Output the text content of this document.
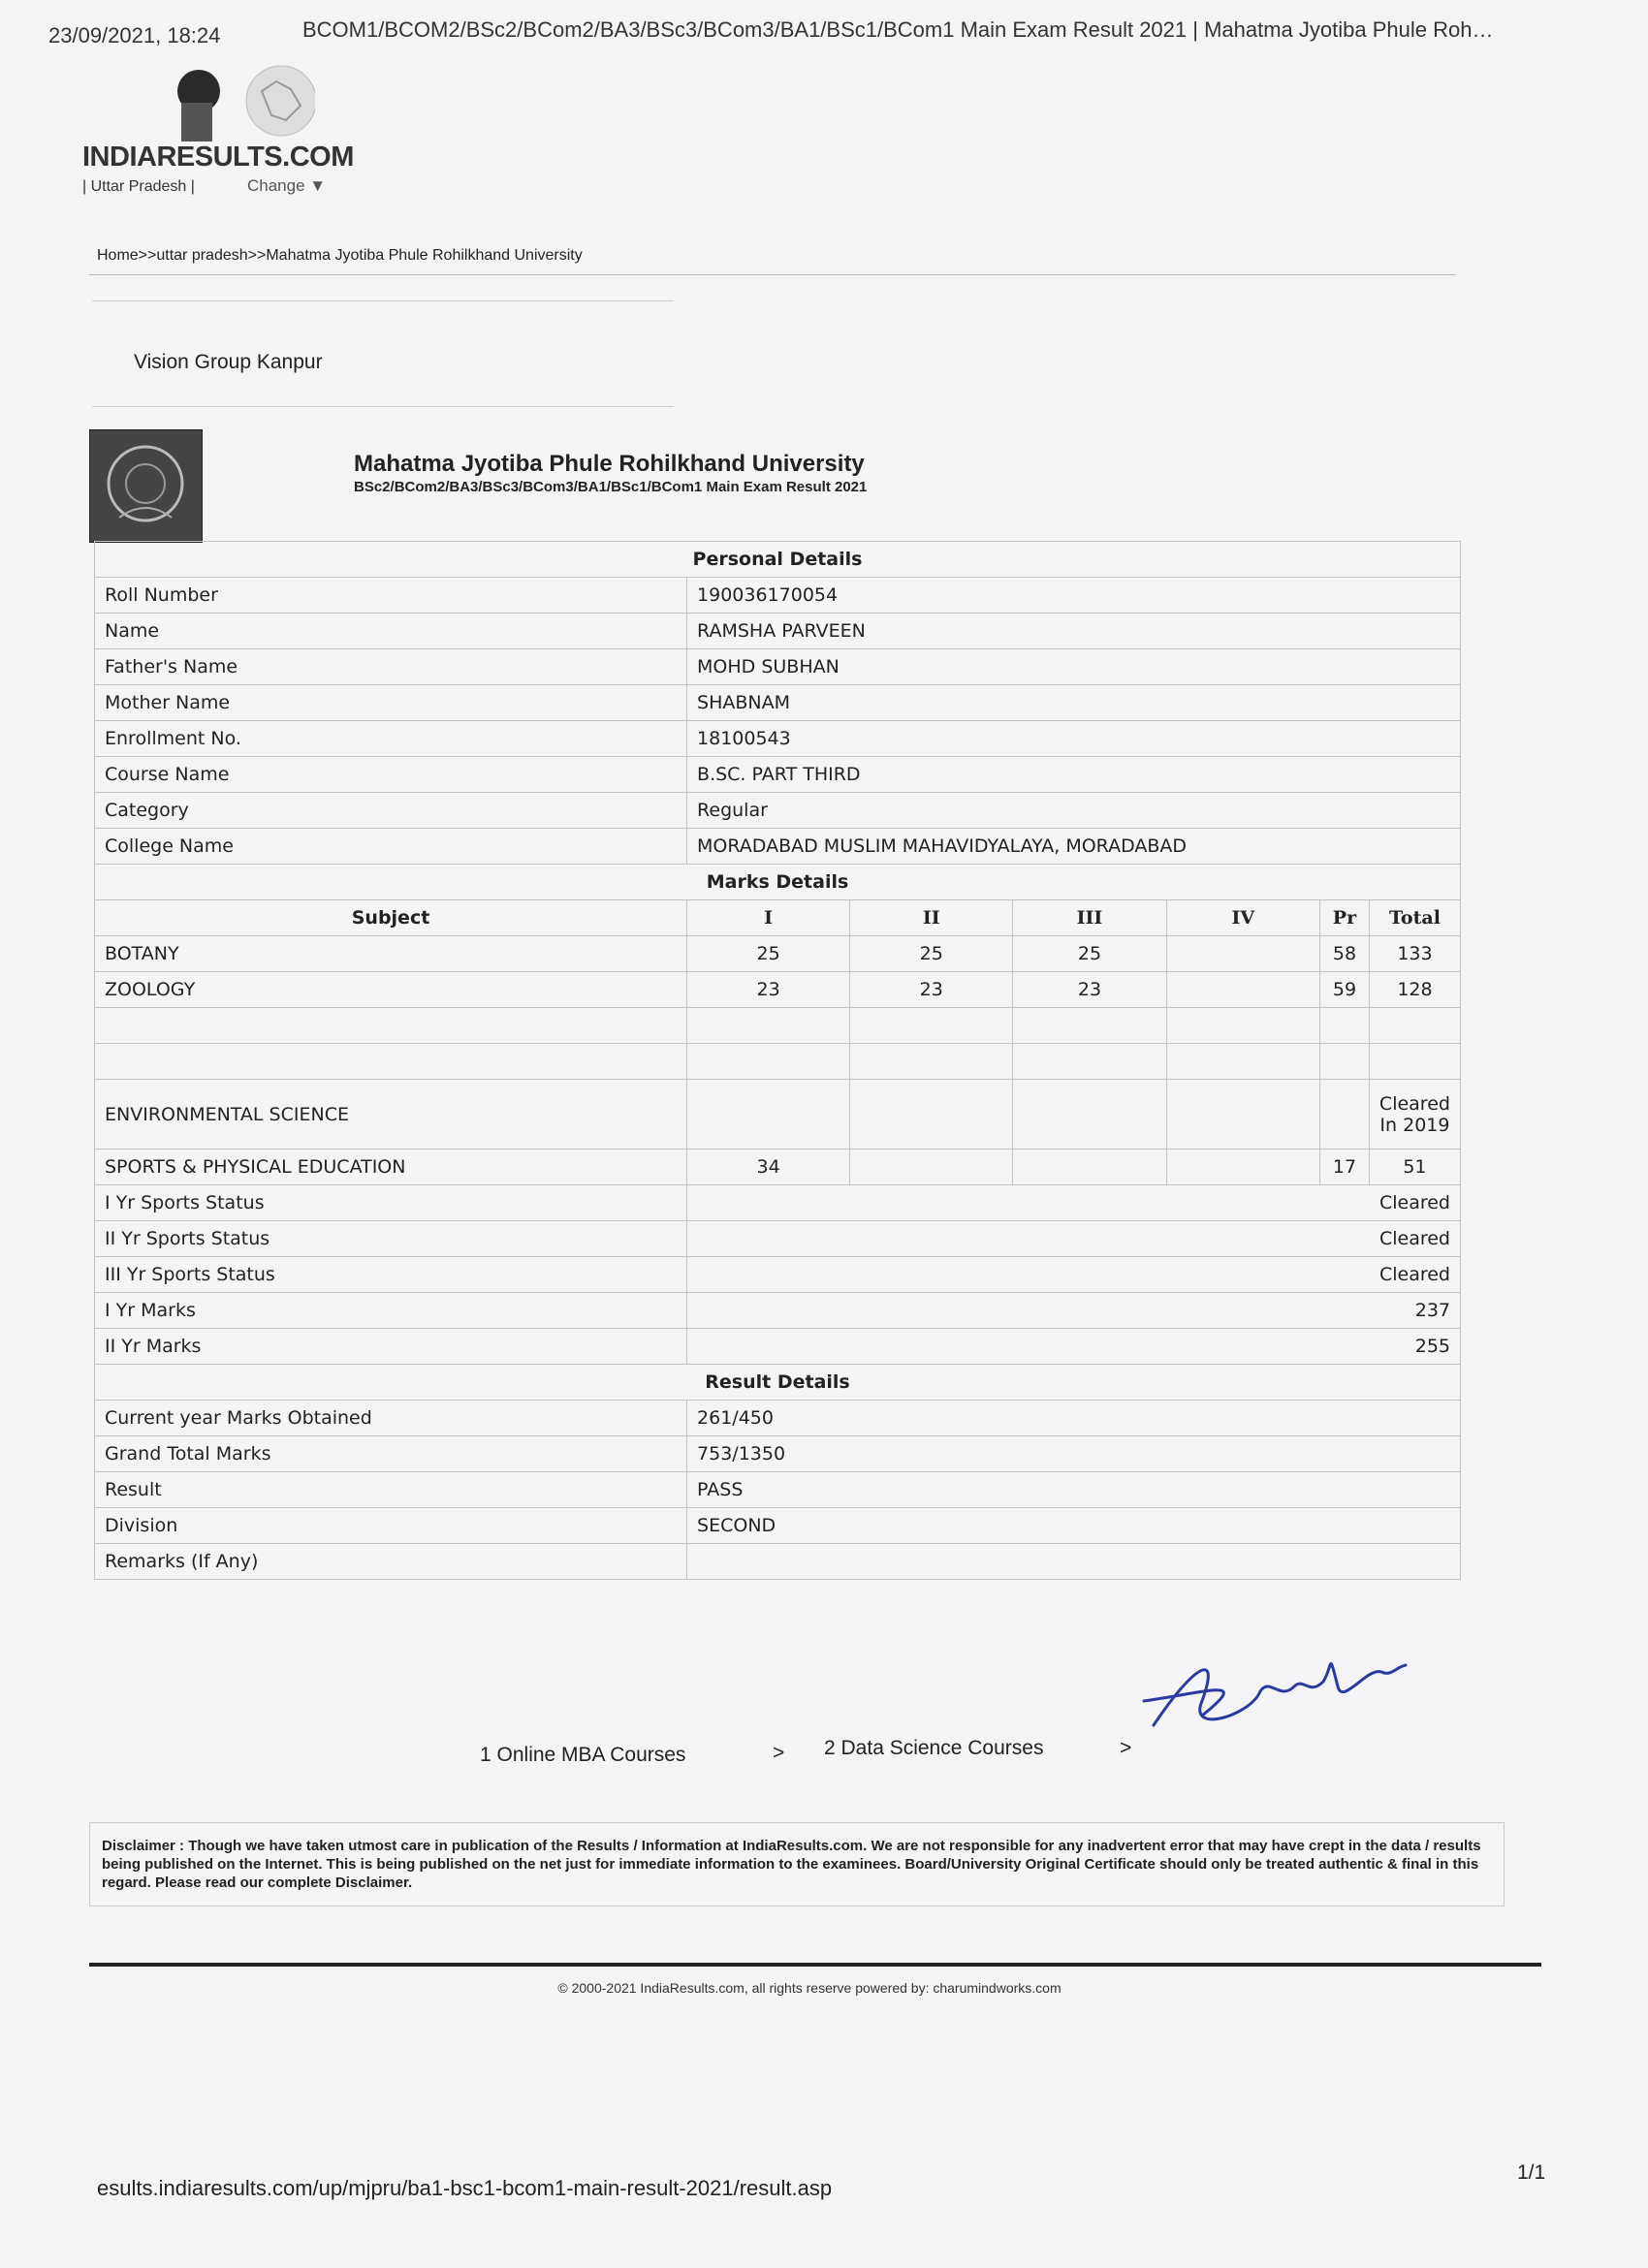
23/09/2021, 18:24	BCOM1/BCOM2/BSc2/BCom2/BA3/BSc3/BCom3/BA1/BSc1/BCom1 Main Exam Result 2021 | Mahatma Jyotiba Phule Roh…
INDIARESULTS.COM
| Uttar Pradesh |	Change ▼
Home>>uttar pradesh>>Mahatma Jyotiba Phule Rohilkhand University
Vision Group Kanpur
Mahatma Jyotiba Phule Rohilkhand University
BSc2/BCom2/BA3/BSc3/BCom3/BA1/BSc1/BCom1 Main Exam Result 2021
Personal Details						
Roll Number	190036170054					
Name	RAMSHA PARVEEN					
Father's Name	MOHD SUBHAN					
Mother Name	SHABNAM					
Enrollment No.	18100543					
Course Name	B.SC. PART THIRD					
Category	Regular					
College Name	MORADABAD MUSLIM MAHAVIDYALAYA, MORADABAD					
Marks Details						
Subject	I	II	III	IV	Pr	Total
BOTANY	25	25	25		58	133
ZOOLOGY	23	23	23		59	128

ENVIRONMENTAL SCIENCE						Cleared In 2019
SPORTS & PHYSICAL EDUCATION	34				17	51
I Yr Sports Status	Cleared					
II Yr Sports Status	Cleared					
III Yr Sports Status	Cleared					
I Yr Marks	237					
II Yr Marks	255					
Result Details						
Current year Marks Obtained	261/450					
Grand Total Marks	753/1350					
Result	PASS					
Division	SECOND					
Remarks (If Any)						
1 Online MBA Courses	> 2 Data Science Courses	>
Disclaimer : Though we have taken utmost care in publication of the Results / Information at IndiaResults.com. We are not responsible for any inadvertent error that may have crept in the data / results being published on the Internet. This is being published on the net just for immediate information to the examinees. Board/University Original Certificate should only be treated authentic & final in this regard. Please read our complete Disclaimer.
© 2000-2021 IndiaResults.com, all rights reserve powered by: charumindworks.com
esults.indiaresults.com/up/mjpru/ba1-bsc1-bcom1-main-result-2021/result.asp
1/1
